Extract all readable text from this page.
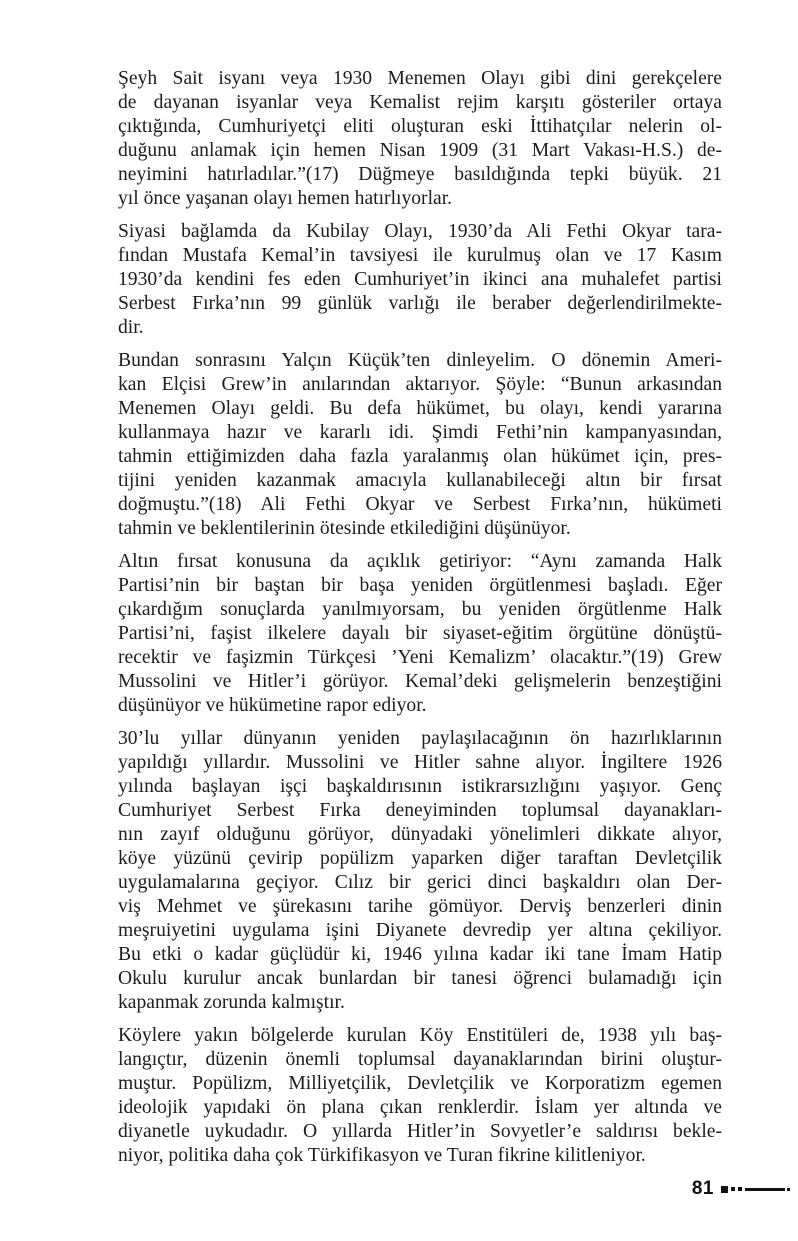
Şeyh Sait isyanı veya 1930 Menemen Olayı gibi dini gerekçelere
de dayanan isyanlar veya Kemalist rejim karşıtı gösteriler ortaya
çıktığında, Cumhuriyetçi eliti oluşturan eski İttihatçılar nelerin ol-
duğunu anlamak için hemen Nisan 1909 (31 Mart Vakası-H.S.) de-
neyimini hatırladılar.”(17) Düğmeye basıldığında tepki büyük. 21
yıl önce yaşanan olayı hemen hatırlıyorlar.
Siyasi bağlamda da Kubilay Olayı, 1930’da Ali Fethi Okyar tara-
fından Mustafa Kemal’in tavsiyesi ile kurulmuş olan ve 17 Kasım
1930’da kendini fes eden Cumhuriyet’in ikinci ana muhalefet partisi
Serbest Fırka’nın 99 günlük varlığı ile beraber değerlendirilmekte-
dir.
Bundan sonrasını Yalçın Küçük’ten dinleyelim. O dönemin Ameri-
kan Elçisi Grew’in anılarından aktarıyor. Şöyle: “Bunun arkasından
Menemen Olayı geldi. Bu defa hükümet, bu olayı, kendi yararına
kullanmaya hazır ve kararlı idi. Şimdi Fethi’nin kampanyasından,
tahmin ettiğimizden daha fazla yaralanmış olan hükümet için, pres-
tijini yeniden kazanmak amacıyla kullanabileceği altın bir fırsat
doğmuştu.”(18) Ali Fethi Okyar ve Serbest Fırka’nın, hükümeti
tahmin ve beklentilerinin ötesinde etkilediğini düşünüyor.
Altın fırsat konusuna da açıklık getiriyor: “Aynı zamanda Halk
Partisi’nin bir baştan bir başa yeniden örgütlenmesi başladı. Eğer
çıkardığım sonuçlarda yanılmıyorsam, bu yeniden örgütlenme Halk
Partisi’ni, faşist ilkelere dayalı bir siyaset-eğitim örgütüne dönüştü-
recektir ve faşizmin Türkçesi ’Yeni Kemalizm’ olacaktır.”(19) Grew
Mussolini ve Hitler’i görüyor. Kemal’deki gelişmelerin benzeştiğini
düşünüyor ve hükümetine rapor ediyor.
30’lu yıllar dünyanın yeniden paylaşılacağının ön hazırlıklarının
yapıldığı yıllardır. Mussolini ve Hitler sahne alıyor. İngiltere 1926
yılında başlayan işçi başkaldırısının istikrarsızlığını yaşıyor. Genç
Cumhuriyet Serbest Fırka deneyiminden toplumsal dayanakları-
nın zayıf olduğunu görüyor, dünyadaki yönelimleri dikkate alıyor,
köye yüzünü çevirip popülizm yaparken diğer taraftan Devletçilik
uygulamalarına geçiyor. Cılız bir gerici dinci başkaldırı olan Der-
viş Mehmet ve şürekasını tarihe gömüyor. Derviş benzerleri dinin
meşruiyetini uygulama işini Diyanete devredip yer altına çekiliyor.
Bu etki o kadar güçlüdür ki, 1946 yılına kadar iki tane İmam Hatip
Okulu kurulur ancak bunlardan bir tanesi öğrenci bulamadığı için
kapanmak zorunda kalmıştır.
Köylere yakın bölgelerde kurulan Köy Enstitüleri de, 1938 yılı baş-
langıçtır, düzenin önemli toplumsal dayanaklarından birini oluştur-
muştur. Popülizm, Milliyetçilik, Devletçilik ve Korporatizm egemen
ideolojik yapıdaki ön plana çıkan renklerdir. İslam yer altında ve
diyanetle uykudadır. O yıllarda Hitler’in Sovyetler’e saldırısı bekle-
niyor, politika daha çok Türkifikasyon ve Turan fikrine kilitleniyor.
81
